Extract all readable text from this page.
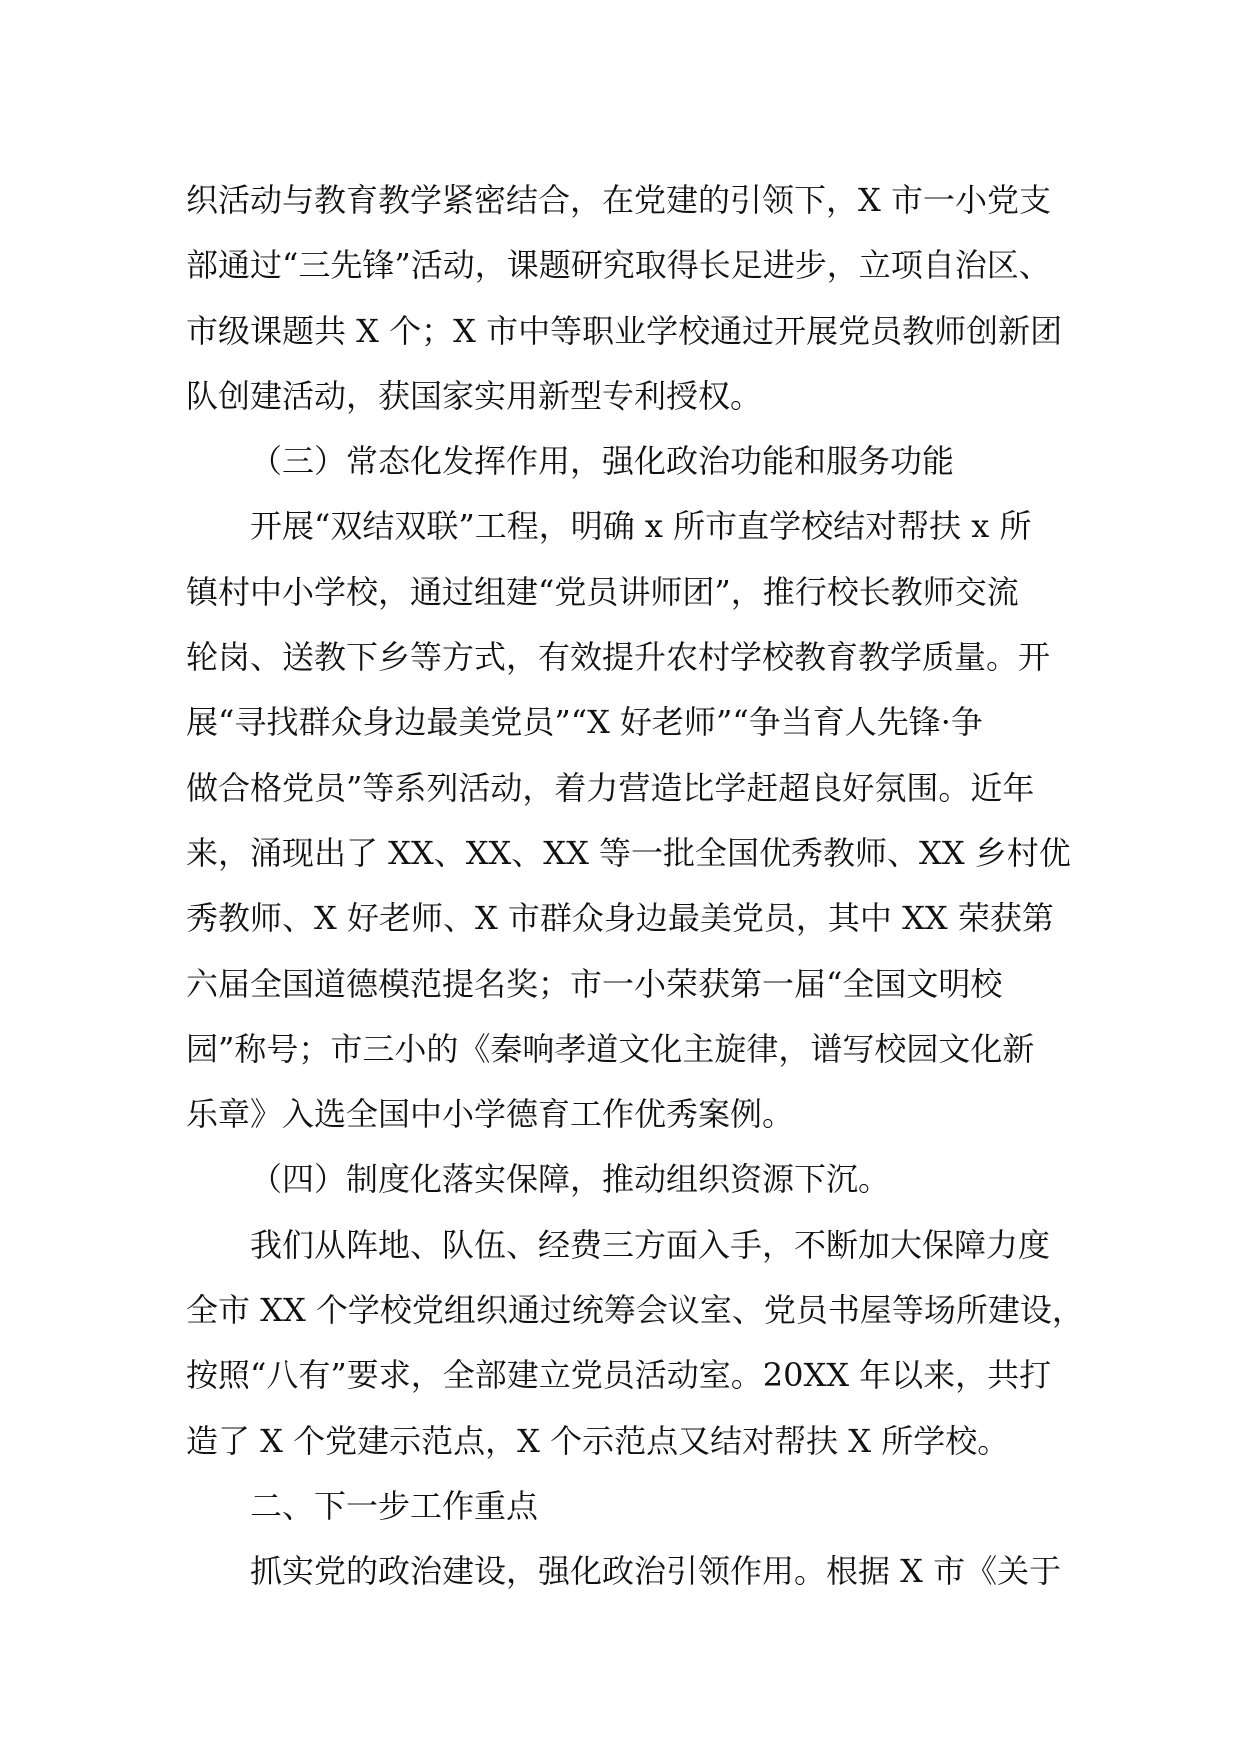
织活动与教育教学紧密结合，在党建的引领下，X 市一小党支
部通过“三先锋”活动，课题研究取得长足进步，立项自治区、
市级课题共 X 个；X 市中等职业学校通过开展党员教师创新团
队创建活动，获国家实用新型专利授权。
（三）常态化发挥作用，强化政治功能和服务功能
开展“双结双联”工程，明确 x 所市直学校结对帮扶 x 所
镇村中小学校，通过组建“党员讲师团”，推行校长教师交流
轮岗、送教下乡等方式，有效提升农村学校教育教学质量。开
展“寻找群众身边最美党员”“X 好老师”“争当育人先锋·争
做合格党员”等系列活动，着力营造比学赶超良好氛围。近年
来，涌现出了 XX、XX、XX 等一批全国优秀教师、XX 乡村优
秀教师、X 好老师、X 市群众身边最美党员，其中 XX 荣获第
六届全国道德模范提名奖；市一小荣获第一届“全国文明校
园”称号；市三小的《秦响孝道文化主旋律，谱写校园文化新
乐章》入选全国中小学德育工作优秀案例。
（四）制度化落实保障，推动组织资源下沉。
我们从阵地、队伍、经费三方面入手，不断加大保障力度
全市 XX 个学校党组织通过统筹会议室、党员书屋等场所建设，
按照“八有”要求，全部建立党员活动室。20XX 年以来，共打
造了 X 个党建示范点，X 个示范点又结对帮扶 X 所学校。
二、下一步工作重点
抓实党的政治建设，强化政治引领作用。根据 X 市《关于
